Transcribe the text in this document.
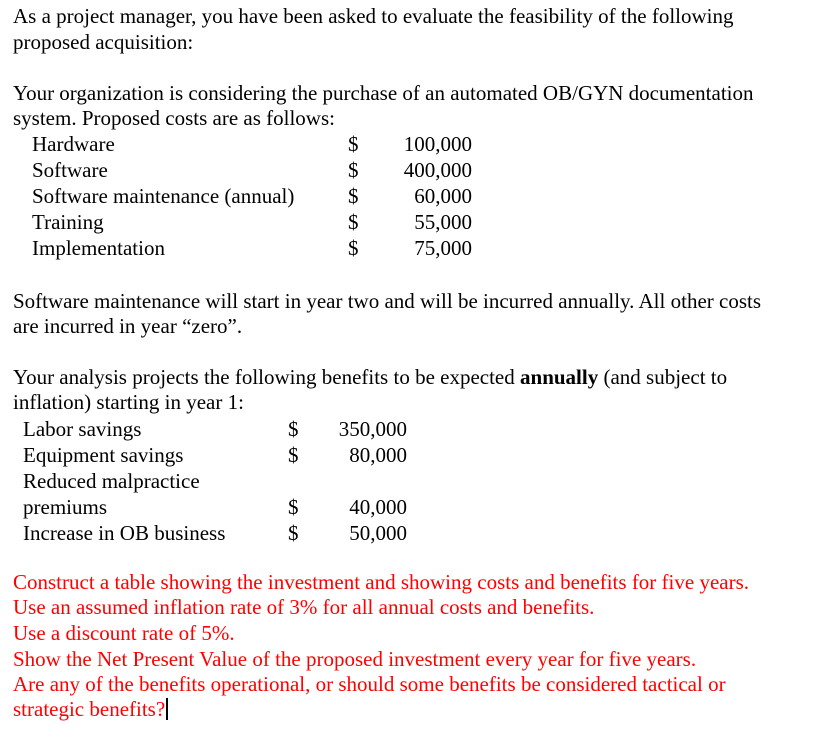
As a project manager, you have been asked to evaluate the feasibility of the following
proposed acquisition:
Your organization is considering the purchase of an automated OB/GYN documentation
system. Proposed costs are as follows:
Hardware	$	100,000
Software	$	400,000
Software maintenance (annual)	$	60,000
Training	$	55,000
Implementation	$	75,000
Software maintenance will start in year two and will be incurred annually. All other costs
are incurred in year “zero”.
Your analysis projects the following benefits to be expected annually (and subject to
inflation) starting in year 1:
Labor savings	$	350,000
Equipment savings	$	80,000
Reduced malpractice
premiums	$	40,000
Increase in OB business	$	50,000
Construct a table showing the investment and showing costs and benefits for five years.
Use an assumed inflation rate of 3% for all annual costs and benefits.
Use a discount rate of 5%.
Show the Net Present Value of the proposed investment every year for five years.
Are any of the benefits operational, or should some benefits be considered tactical or
strategic benefits?
